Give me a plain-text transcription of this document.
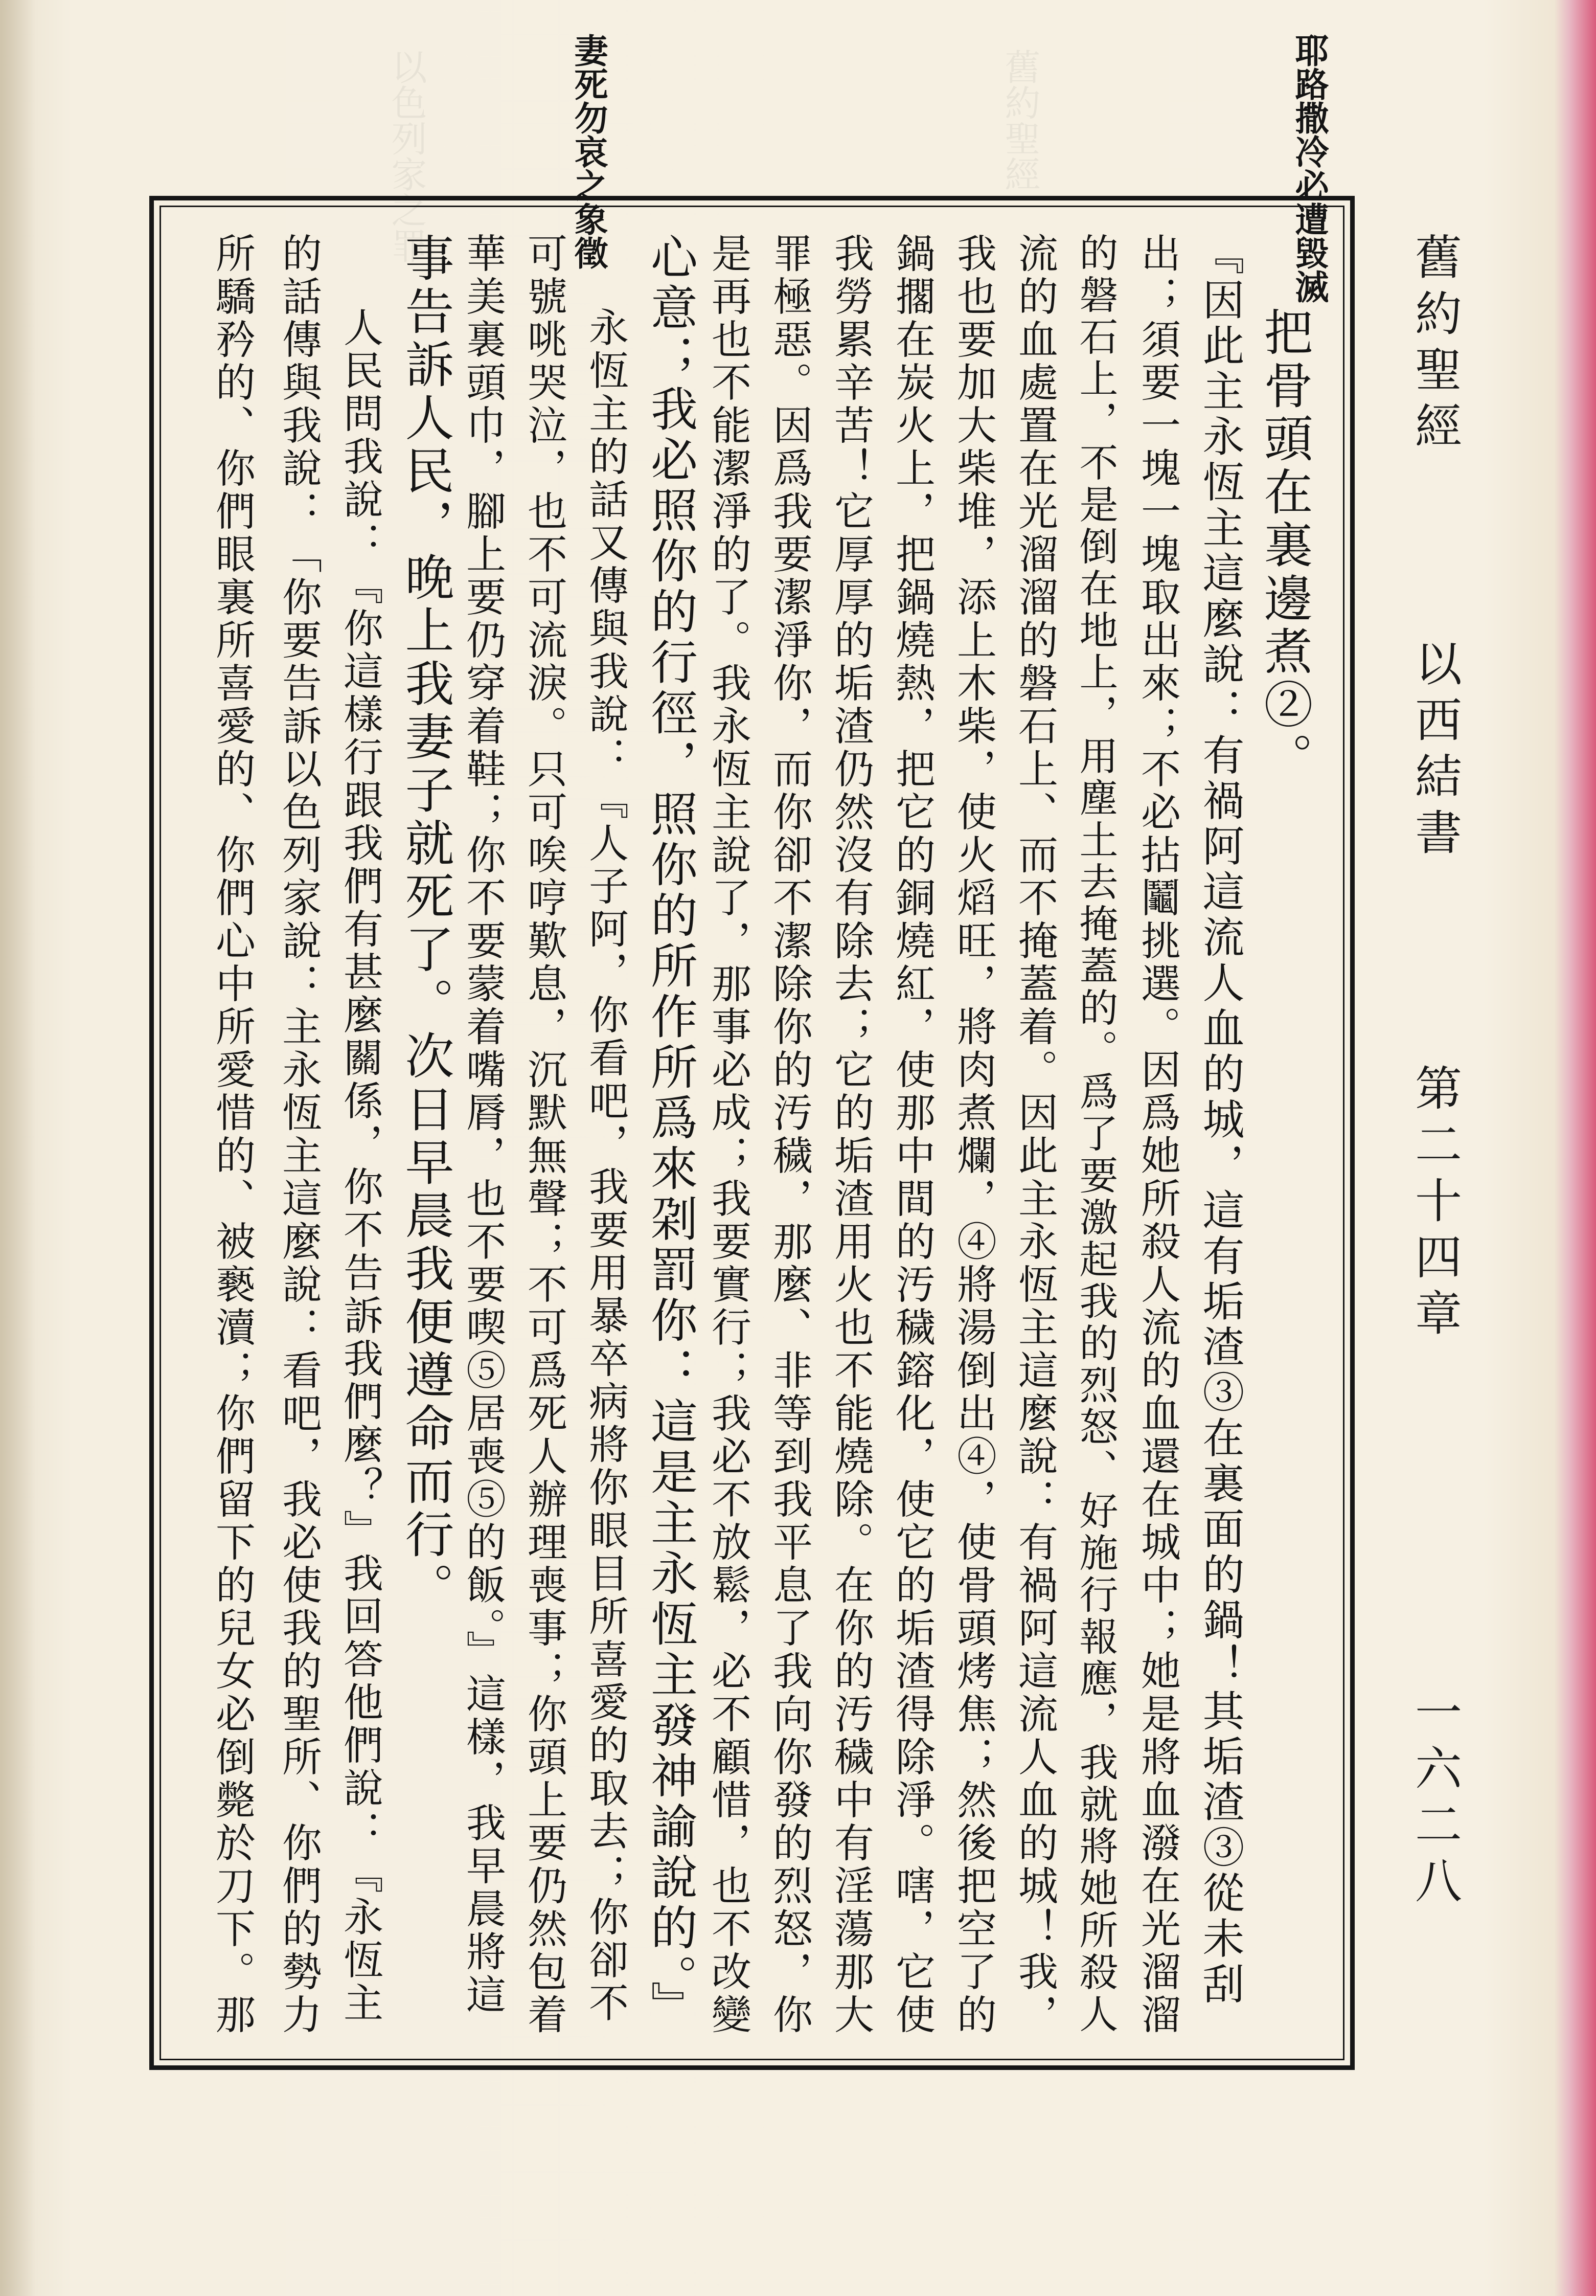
以色列家之罪	舊約聖經
舊約聖經
以西結書
第二十四章
一六二八
耶路撒冷必遭毀滅
妻死勿哀之象徵
把骨頭在裏邊煮②。
『因此主永恆主這麼說：有禍阿這流人血的城，這有垢渣③在裏面的鍋！其垢渣③從未刮
出；須要一塊一塊取出來；不必拈鬮挑選。因爲她所殺人流的血還在城中；她是將血潑在光溜溜
的磐石上，不是倒在地上，用塵土去掩蓋的。爲了要激起我的烈怒、好施行報應，我就將她所殺人
流的血處置在光溜溜的磐石上、而不掩蓋着。因此主永恆主這麼說：有禍阿這流人血的城！我，
我也要加大柴堆，添上木柴，使火熖旺，將肉煮爛，④將湯倒出④，使骨頭烤焦；然後把空了的
鍋擱在炭火上，把鍋燒熱，把它的銅燒紅，使那中間的汚穢鎔化，使它的垢渣得除淨。嗐，它使
我勞累辛苦！它厚厚的垢渣仍然沒有除去；它的垢渣用火也不能燒除。在你的汚穢中有淫蕩那大
罪極惡。因爲我要潔淨你，而你卻不潔除你的汚穢，那麼、非等到我平息了我向你發的烈怒，你
是再也不能潔淨的了。我永恆主說了，那事必成；我要實行；我必不放鬆，必不顧惜，也不改變
心意；我必照你的行徑，照你的所作所爲來刴罰你：這是主永恆主發神諭說的。』
永恆主的話又傳與我說：『人子阿，你看吧，我要用暴卒病將你眼目所喜愛的取去；你卻不
可號咷哭泣，也不可流淚。只可唉哼歎息，沉默無聲；不可爲死人辦理喪事；你頭上要仍然包着
華美裏頭巾，腳上要仍穿着鞋；你不要蒙着嘴脣，也不要喫⑤居喪⑤的飯。』這樣，我早晨將這
事告訴人民，晚上我妻子就死了。次日早晨我便遵命而行。
人民問我說：『你這樣行跟我們有甚麼關係，你不告訴我們麼？』我回答他們說：『永恆主
的話傳與我說：「你要告訴以色列家說：主永恆主這麼說：看吧，我必使我的聖所、你們的勢力
所驕矜的、你們眼裏所喜愛的、你們心中所愛惜的、被褻瀆；你們留下的兒女必倒斃於刀下。那
